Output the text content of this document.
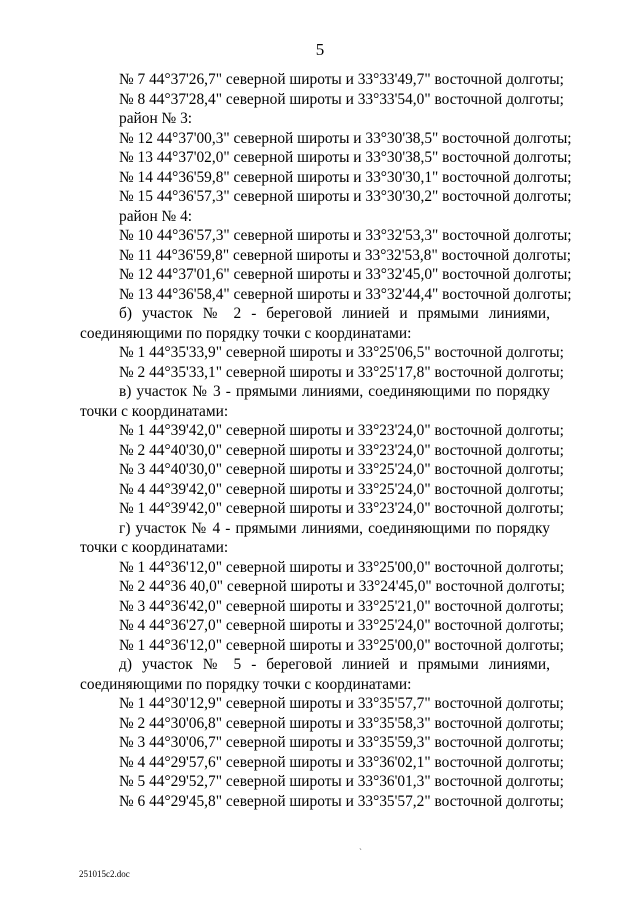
5
№ 7 44°37'26,7" северной широты и 33°33'49,7" восточной долготы;
№ 8 44°37'28,4" северной широты и 33°33'54,0" восточной долготы;
район № 3:
№ 12 44°37'00,3" северной широты и 33°30'38,5" восточной долготы;
№ 13 44°37'02,0" северной широты и 33°30'38,5" восточной долготы;
№ 14 44°36'59,8" северной широты и 33°30'30,1" восточной долготы;
№ 15 44°36'57,3" северной широты и 33°30'30,2" восточной долготы;
район № 4:
№ 10 44°36'57,3" северной широты и 33°32'53,3" восточной долготы;
№ 11 44°36'59,8" северной широты и 33°32'53,8" восточной долготы;
№ 12 44°37'01,6" северной широты и 33°32'45,0" восточной долготы;
№ 13 44°36'58,4" северной широты и 33°32'44,4" восточной долготы;
б) участок № 2 - береговой линией и прямыми линиями,
соединяющими по порядку точки с координатами:
№ 1 44°35'33,9" северной широты и 33°25'06,5" восточной долготы;
№ 2 44°35'33,1" северной широты и 33°25'17,8" восточной долготы;
в) участок № 3 - прямыми линиями, соединяющими по порядку
точки с координатами:
№ 1 44°39'42,0" северной широты и 33°23'24,0" восточной долготы;
№ 2 44°40'30,0" северной широты и 33°23'24,0" восточной долготы;
№ 3 44°40'30,0" северной широты и 33°25'24,0" восточной долготы;
№ 4 44°39'42,0" северной широты и 33°25'24,0" восточной долготы;
№ 1 44°39'42,0" северной широты и 33°23'24,0" восточной долготы;
г) участок № 4 - прямыми линиями, соединяющими по порядку
точки с координатами:
№ 1 44°36'12,0" северной широты и 33°25'00,0" восточной долготы;
№ 2 44°36 40,0" северной широты и 33°24'45,0" восточной долготы;
№ 3 44°36'42,0" северной широты и 33°25'21,0" восточной долготы;
№ 4 44°36'27,0" северной широты и 33°25'24,0" восточной долготы;
№ 1 44°36'12,0" северной широты и 33°25'00,0" восточной долготы;
д) участок № 5 - береговой линией и прямыми линиями,
соединяющими по порядку точки с координатами:
№ 1 44°30'12,9" северной широты и 33°35'57,7" восточной долготы;
№ 2 44°30'06,8" северной широты и 33°35'58,3" восточной долготы;
№ 3 44°30'06,7" северной широты и 33°35'59,3" восточной долготы;
№ 4 44°29'57,6" северной широты и 33°36'02,1" восточной долготы;
№ 5 44°29'52,7" северной широты и 33°36'01,3" восточной долготы;
№ 6 44°29'45,8" северной широты и 33°35'57,2" восточной долготы;
`
251015c2.doc
